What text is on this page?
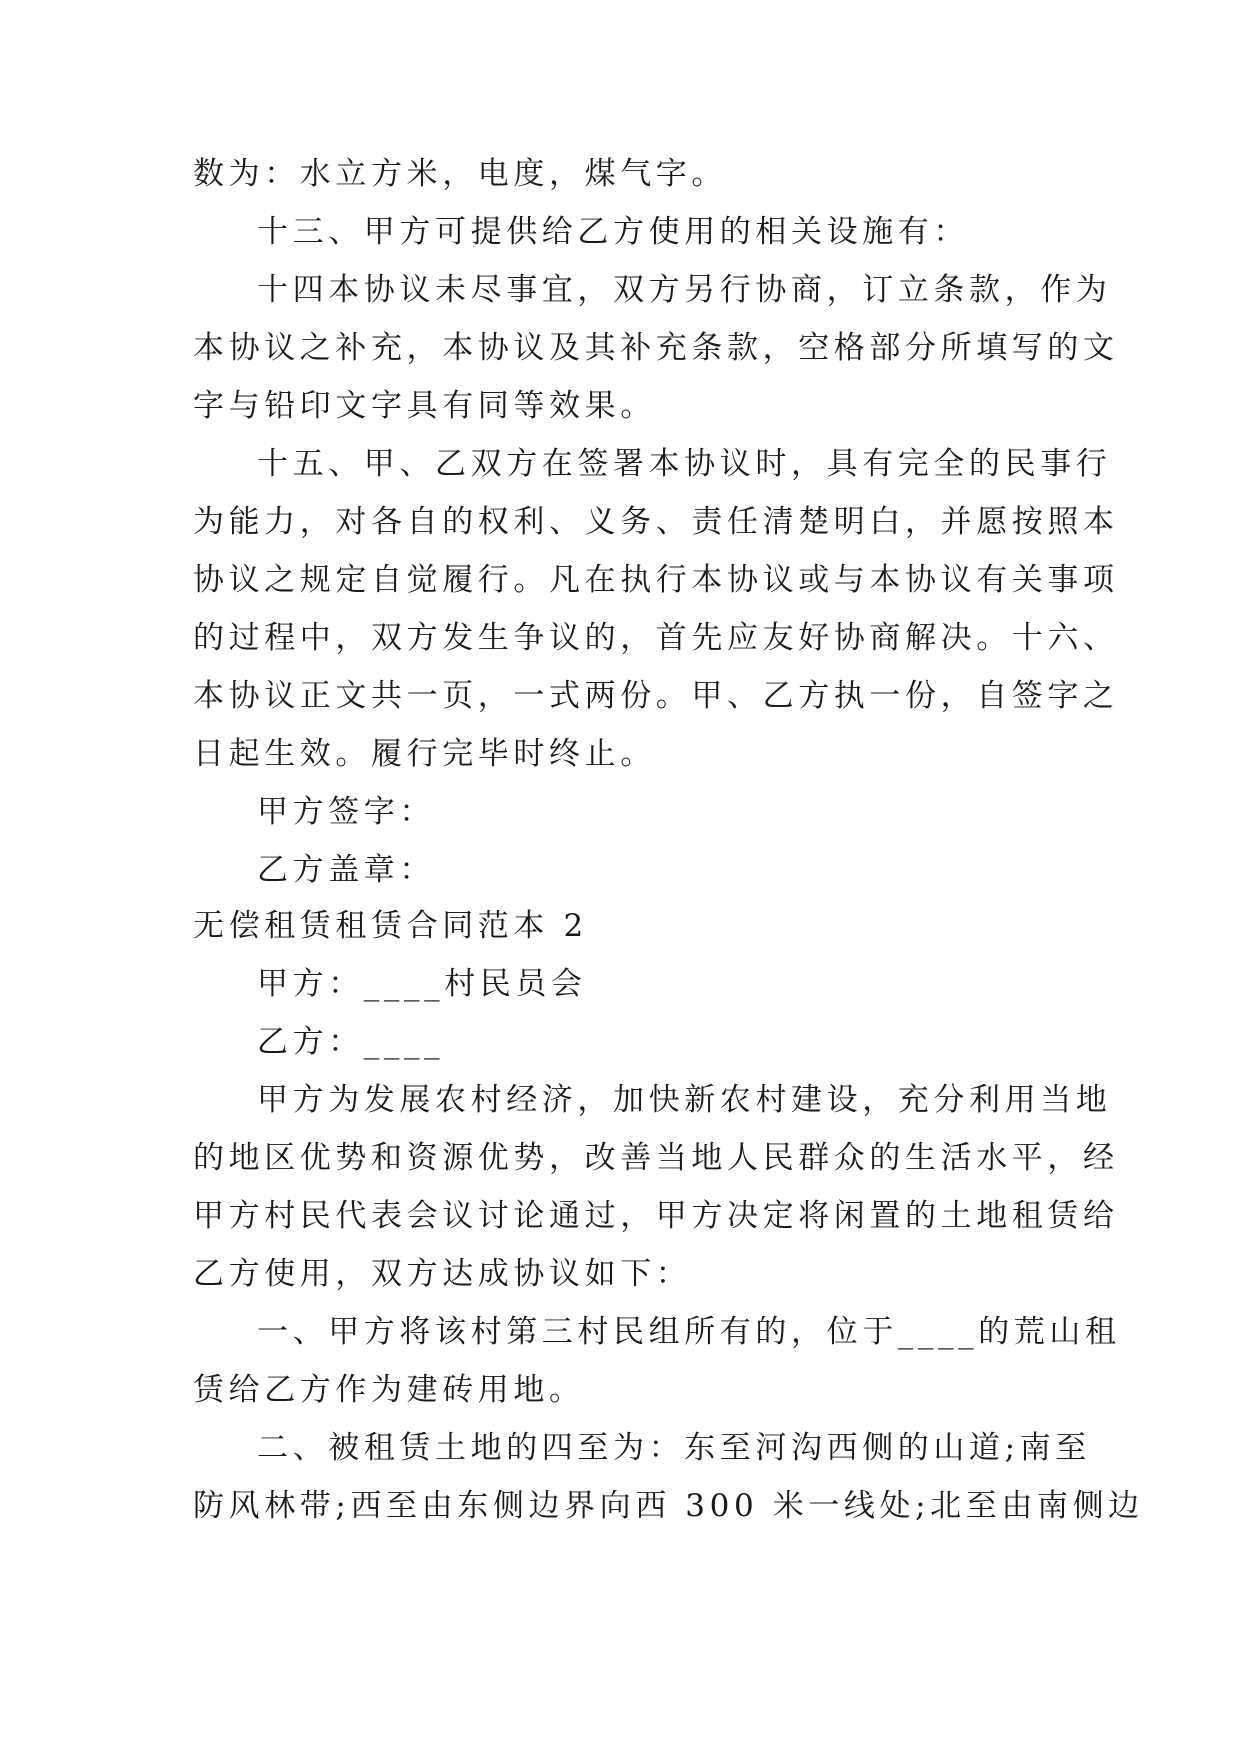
数为：水立方米，电度，煤气字。
十三、甲方可提供给乙方使用的相关设施有：
十四本协议未尽事宜，双方另行协商，订立条款，作为
本协议之补充，本协议及其补充条款，空格部分所填写的文
字与铅印文字具有同等效果。
十五、甲、乙双方在签署本协议时，具有完全的民事行
为能力，对各自的权利、义务、责任清楚明白，并愿按照本
协议之规定自觉履行。凡在执行本协议或与本协议有关事项
的过程中，双方发生争议的，首先应友好协商解决。十六、
本协议正文共一页，一式两份。甲、乙方执一份，自签字之
日起生效。履行完毕时终止。
甲方签字：
乙方盖章：
无偿租赁租赁合同范本 2
甲方：____村民员会
乙方：____
甲方为发展农村经济，加快新农村建设，充分利用当地
的地区优势和资源优势，改善当地人民群众的生活水平，经
甲方村民代表会议讨论通过，甲方决定将闲置的土地租赁给
乙方使用，双方达成协议如下：
一、甲方将该村第三村民组所有的，位于____的荒山租
赁给乙方作为建砖用地。
二、被租赁土地的四至为：东至河沟西侧的山道;南至
防风林带;西至由东侧边界向西 300 米一线处;北至由南侧边
